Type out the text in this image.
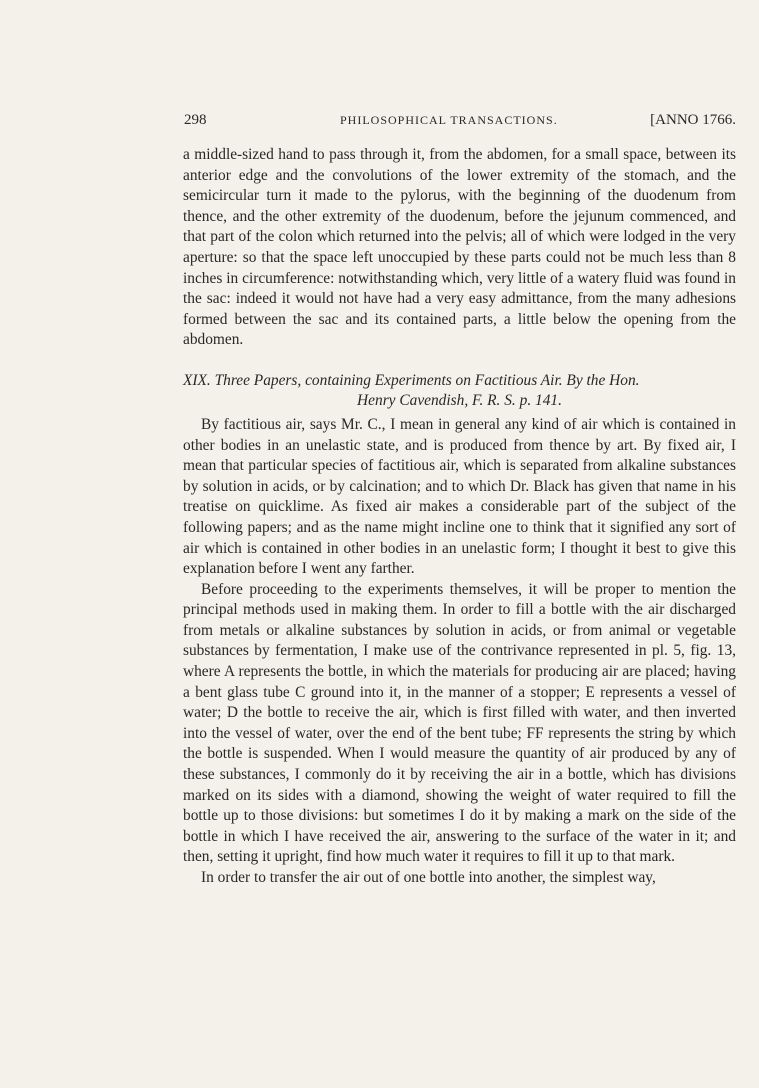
298	PHILOSOPHICAL TRANSACTIONS.	[ANNO 1766.

a middle-sized hand to pass through it, from the abdomen, for a small space, between its anterior edge and the convolutions of the lower extremity of the stomach, and the semicircular turn it made to the pylorus, with the beginning of the duodenum from thence, and the other extremity of the duodenum, before the jejunum commenced, and that part of the colon which returned into the pelvis; all of which were lodged in the very aperture: so that the space left unoccupied by these parts could not be much less than 8 inches in circumference: notwithstanding which, very little of a watery fluid was found in the sac: indeed it would not have had a very easy admittance, from the many adhesions formed between the sac and its contained parts, a little below the opening from the abdomen.

XIX. Three Papers, containing Experiments on Factitious Air. By the Hon.
Henry Cavendish, F. R. S. p. 141.

By factitious air, says Mr. C., I mean in general any kind of air which is contained in other bodies in an unelastic state, and is produced from thence by art. By fixed air, I mean that particular species of factitious air, which is separated from alkaline substances by solution in acids, or by calcination; and to which Dr. Black has given that name in his treatise on quicklime. As fixed air makes a considerable part of the subject of the following papers; and as the name might incline one to think that it signified any sort of air which is contained in other bodies in an unelastic form; I thought it best to give this explanation before I went any farther.

Before proceeding to the experiments themselves, it will be proper to mention the principal methods used in making them. In order to fill a bottle with the air discharged from metals or alkaline substances by solution in acids, or from animal or vegetable substances by fermentation, I make use of the contrivance represented in pl. 5, fig. 13, where A represents the bottle, in which the materials for producing air are placed; having a bent glass tube C ground into it, in the manner of a stopper; E represents a vessel of water; D the bottle to receive the air, which is first filled with water, and then inverted into the vessel of water, over the end of the bent tube; FF represents the string by which the bottle is suspended. When I would measure the quantity of air produced by any of these substances, I commonly do it by receiving the air in a bottle, which has divisions marked on its sides with a diamond, showing the weight of water required to fill the bottle up to those divisions: but sometimes I do it by making a mark on the side of the bottle in which I have received the air, answering to the surface of the water in it; and then, setting it upright, find how much water it requires to fill it up to that mark.

In order to transfer the air out of one bottle into another, the simplest way,
